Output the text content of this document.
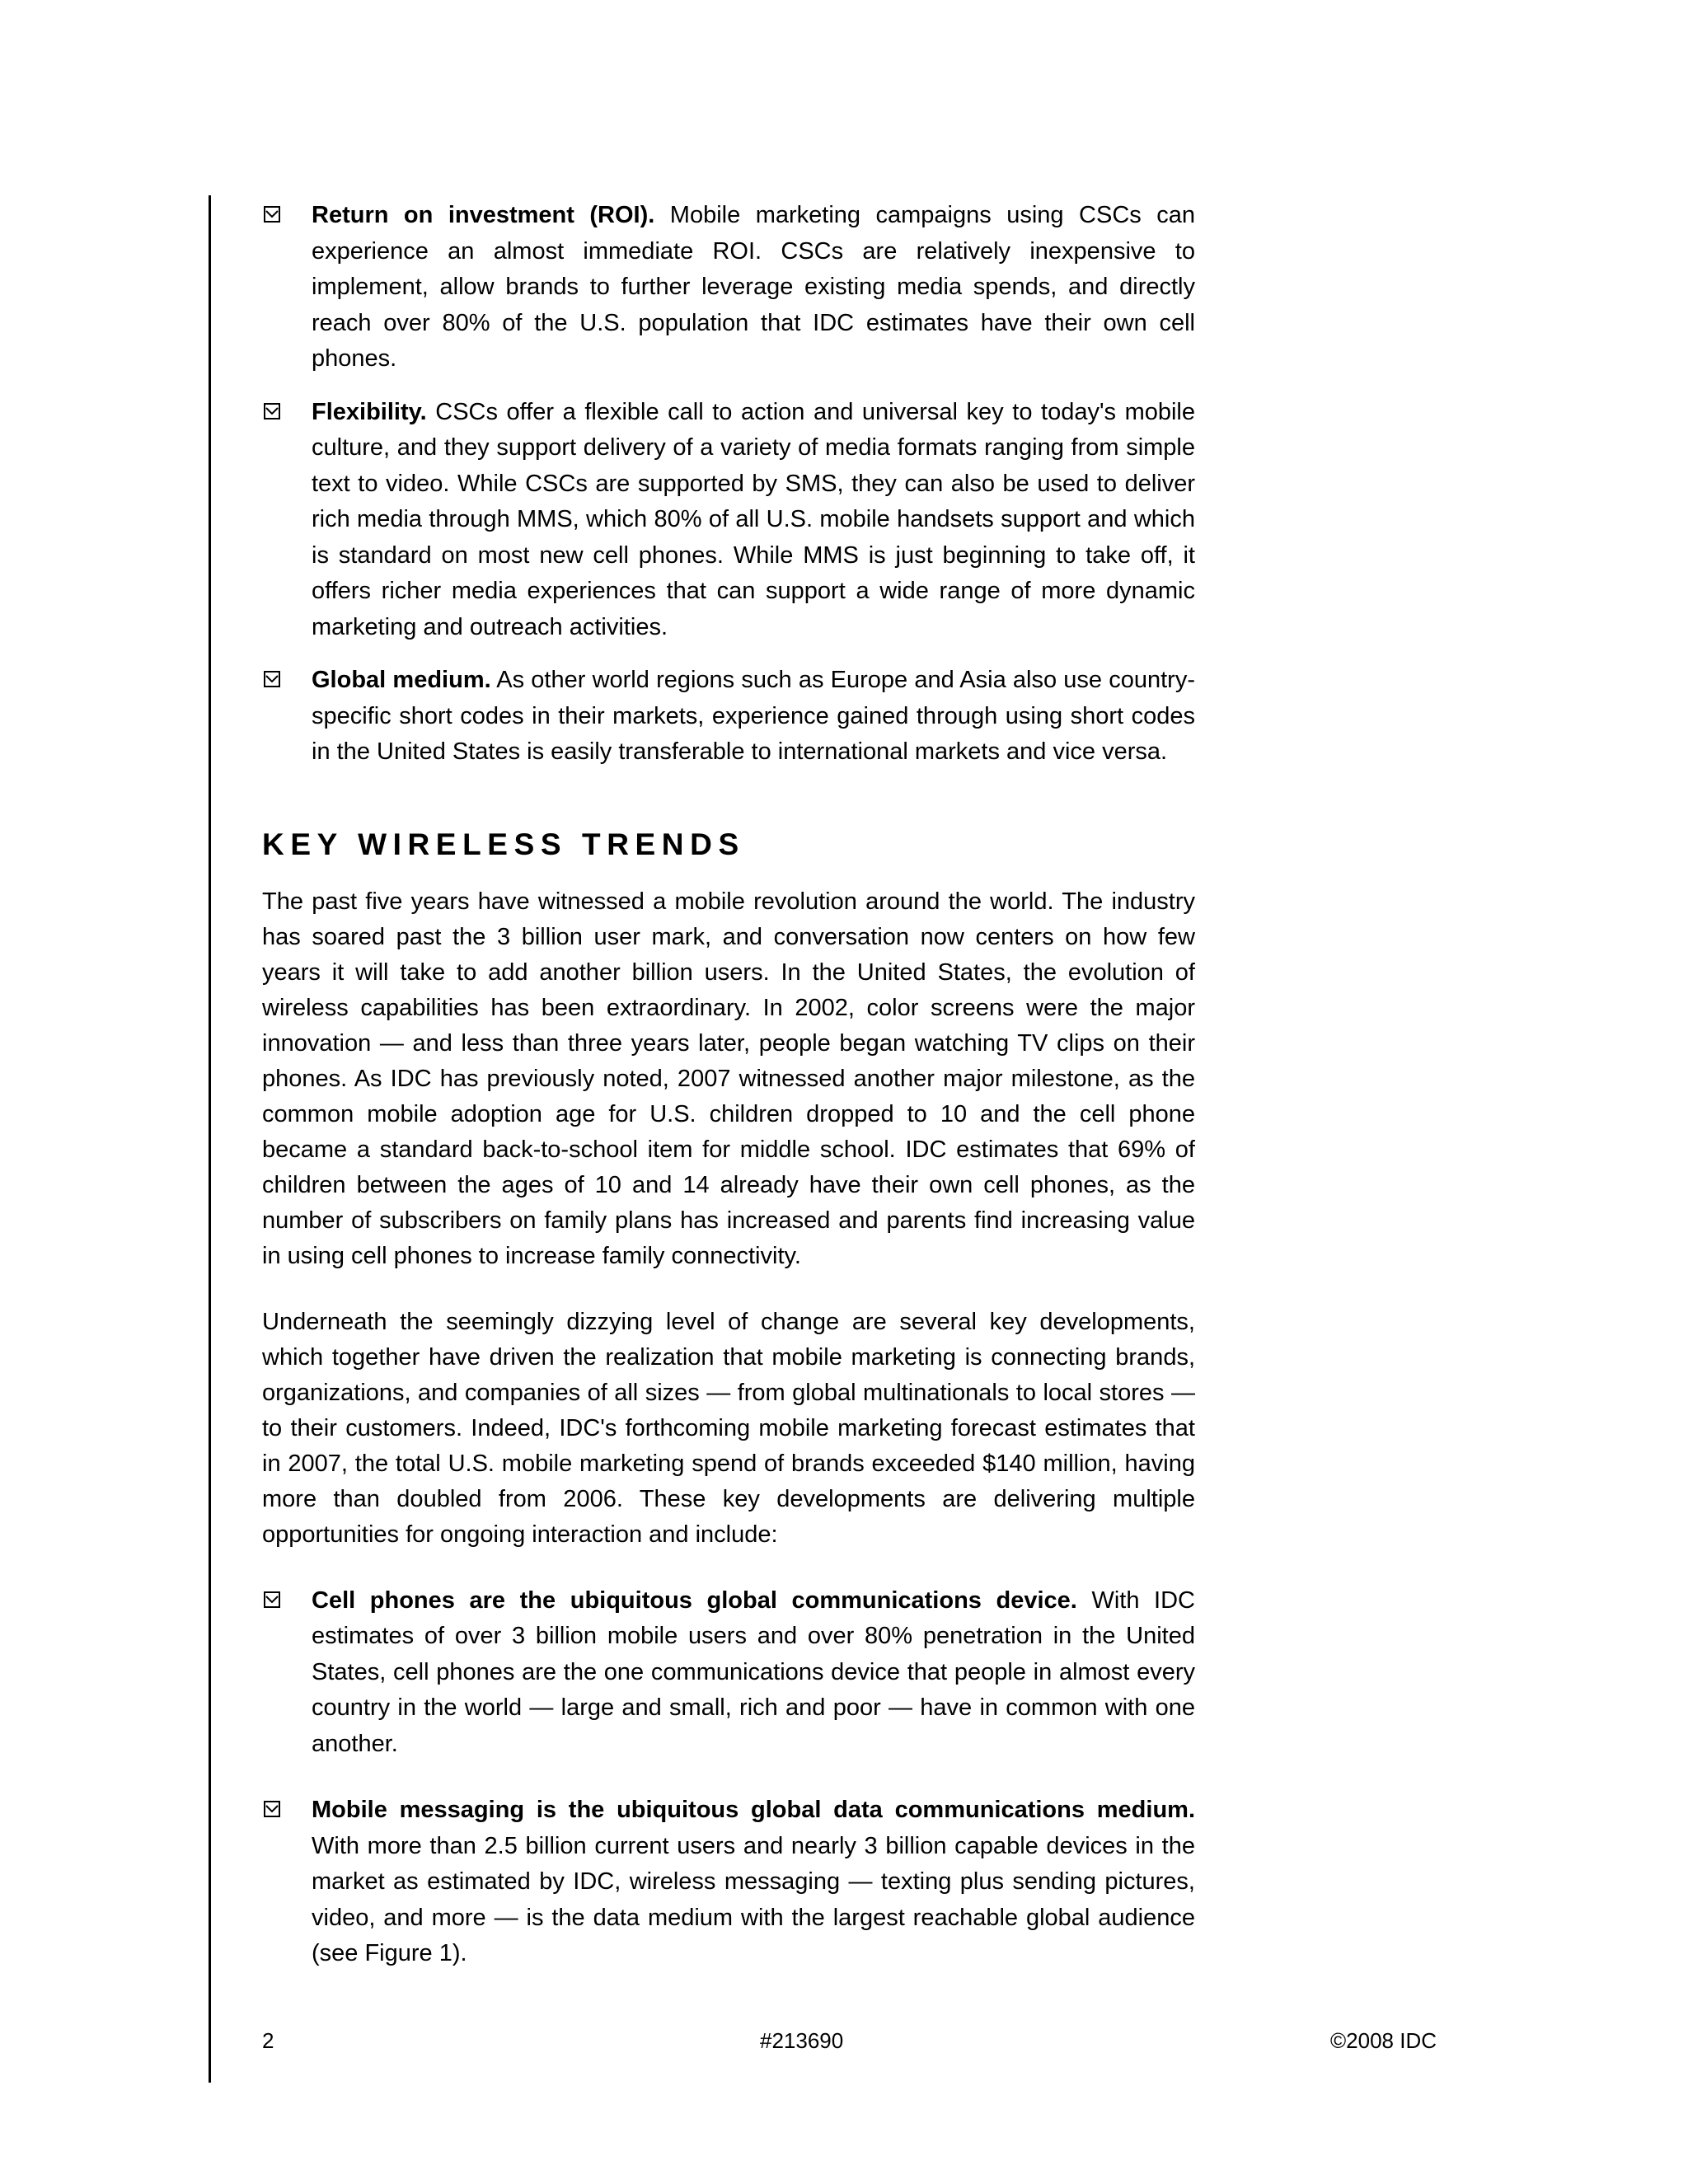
Return on investment (ROI). Mobile marketing campaigns using CSCs can experience an almost immediate ROI. CSCs are relatively inexpensive to implement, allow brands to further leverage existing media spends, and directly reach over 80% of the U.S. population that IDC estimates have their own cell phones.
Flexibility. CSCs offer a flexible call to action and universal key to today's mobile culture, and they support delivery of a variety of media formats ranging from simple text to video. While CSCs are supported by SMS, they can also be used to deliver rich media through MMS, which 80% of all U.S. mobile handsets support and which is standard on most new cell phones. While MMS is just beginning to take off, it offers richer media experiences that can support a wide range of more dynamic marketing and outreach activities.
Global medium. As other world regions such as Europe and Asia also use country-specific short codes in their markets, experience gained through using short codes in the United States is easily transferable to international markets and vice versa.
KEY WIRELESS TRENDS

The past five years have witnessed a mobile revolution around the world. The industry has soared past the 3 billion user mark, and conversation now centers on how few years it will take to add another billion users. In the United States, the evolution of wireless capabilities has been extraordinary. In 2002, color screens were the major innovation — and less than three years later, people began watching TV clips on their phones. As IDC has previously noted, 2007 witnessed another major milestone, as the common mobile adoption age for U.S. children dropped to 10 and the cell phone became a standard back-to-school item for middle school. IDC estimates that 69% of children between the ages of 10 and 14 already have their own cell phones, as the number of subscribers on family plans has increased and parents find increasing value in using cell phones to increase family connectivity.

Underneath the seemingly dizzying level of change are several key developments, which together have driven the realization that mobile marketing is connecting brands, organizations, and companies of all sizes — from global multinationals to local stores — to their customers. Indeed, IDC's forthcoming mobile marketing forecast estimates that in 2007, the total U.S. mobile marketing spend of brands exceeded $140 million, having more than doubled from 2006. These key developments are delivering multiple opportunities for ongoing interaction and include:

Cell phones are the ubiquitous global communications device. With IDC estimates of over 3 billion mobile users and over 80% penetration in the United States, cell phones are the one communications device that people in almost every country in the world — large and small, rich and poor — have in common with one another.
Mobile messaging is the ubiquitous global data communications medium. With more than 2.5 billion current users and nearly 3 billion capable devices in the market as estimated by IDC, wireless messaging — texting plus sending pictures, video, and more — is the data medium with the largest reachable global audience (see Figure 1).
2	#213690	©2008 IDC
